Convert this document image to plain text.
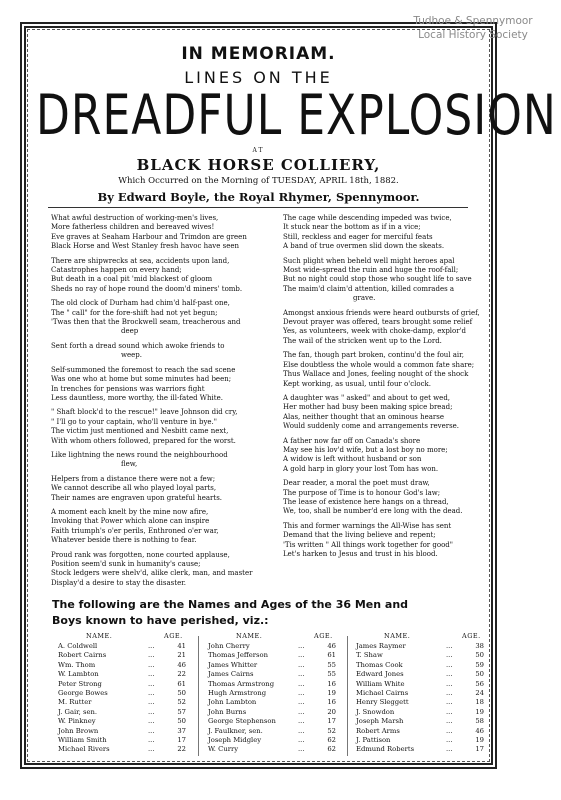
Tudhoe & Spennymoor
Local History Society
IN MEMORIAM.
LINES ON THE
DREADFUL EXPLOSION
AT
BLACK HORSE COLLIERY,
Which Occurred on the Morning of TUESDAY, APRIL 18th, 1882.
By Edward Boyle, the Royal Rhymer, Spennymoor.
What awful destruction of working-men's lives,
More fatherless children and bereaved wives!
Eve graves at Seaham Harbour and Trimdon are green
Black Horse and West Stanley fresh havoc have seen
There are shipwrecks at sea, accidents upon land,
Catastrophes happen on every hand;
But death in a coal pit 'mid blackest of gloom
Sheds no ray of hope round the doom'd miners' tomb.
The old clock of Durham had chim'd half-past one,
The " call" for the fore-shift had not yet begun;
'Twas then that the Brockwell seam, treacherous and
deep
Sent forth a dread sound which awoke friends to
weep.
Self-summoned the foremost to reach the sad scene
Was one who at home but some minutes had been;
In trenches for pensions was warriors fight
Less dauntless, more worthy, the ill-fated White.
" Shaft block'd to the rescue!" leave Johnson did cry,
" I'll go to your captain, who'll venture in bye."
The victim just mentioned and Nesbitt came next,
With whom others followed, prepared for the worst.
Like lightning the news round the neighbourhood
flew,
Helpers from a distance there were not a few;
We cannot describe all who played loyal parts,
Their names are engraven upon grateful hearts.
A moment each knelt by the mine now afire,
Invoking that Power which alone can inspire
Faith triumph's o'er perils, Enthroned o'er war,
Whatever beside there is nothing to fear.
Proud rank was forgotten, none courted applause,
Position seem'd sunk in humanity's cause;
Stock ledgers were shelv'd, alike clerk, man, and master
Display'd a desire to stay the disaster.
The cage while descending impeded was twice,
It stuck near the bottom as if in a vice;
Still, reckless and eager for merciful feats
A band of true overmen slid down the skeats.
Such plight when beheld well might heroes apal
Most wide-spread the ruin and huge the roof-fall;
But no night could stop those who sought life to save
The maim'd claim'd attention, killed comrades a
grave.
Amongst anxious friends were heard outbursts of grief,
Devout prayer was offered, tears brought some relief
Yes, as volunteers, week with choke-damp, explor'd
The wail of the stricken went up to the Lord.
The fan, though part broken, continu'd the foul air,
Else doubtless the whole would a common fate share;
Thus Wallace and Jones, feeling nought of the shock
Kept working, as usual, until four o'clock.
A daughter was " asked" and about to get wed,
Her mother had busy been making spice bread;
Alas, neither thought that an ominous hearse
Would suddenly come and arrangements reverse.
A father now far off on Canada's shore
May see his lov'd wife, but a lost boy no more;
A widow is left without husband or son
A gold harp in glory your lost Tom has won.
Dear reader, a moral the poet must draw,
The purpose of Time is to honour God's law;
The lease of existence here hangs on a thread,
We, too, shall be number'd ere long with the dead.
This and former warnings the All-Wise has sent
Demand that the living believe and repent;
'Tis written " All things work together for good"
Let's harken to Jesus and trust in his blood.
The following are the Names and Ages of the 36 Men and
Boys known to have perished, viz.:
NAME.	AGE.
A. Coldwell	...	41
Robert Cairns	...	21
Wm. Thom	...	46
W. Lambton	...	22
Peter Strong	...	61
George Bowes	...	50
M. Rutter	...	52
J. Gair, sen.	...	57
W. Pinkney	...	50
John Brown	...	37
William Smith	...	17
Michael Rivers	...	22
NAME.	AGE.
John Cherry	...	46
Thomas Jefferson	...	61
James Whitter	...	55
James Cairns	...	55
Thomas Armstrong	...	16
Hugh Armstrong	...	19
John Lambton	...	16
John Burns	...	20
George Stephenson	...	17
J. Faulkner, sen.	...	52
Joseph Midgley	...	62
W. Curry	...	62
NAME.	AGE.
James Raymer	...	38
T. Shaw	...	50
Thomas Cook	...	59
Edward Jones	...	50
William White	...	56
Michael Cairns	...	24
Henry Sleggett	...	18
J. Snowdon	...	19
Joseph Marsh	...	58
Robert Arms	...	46
J. Pattison	...	19
Edmund Roberts	...	17
